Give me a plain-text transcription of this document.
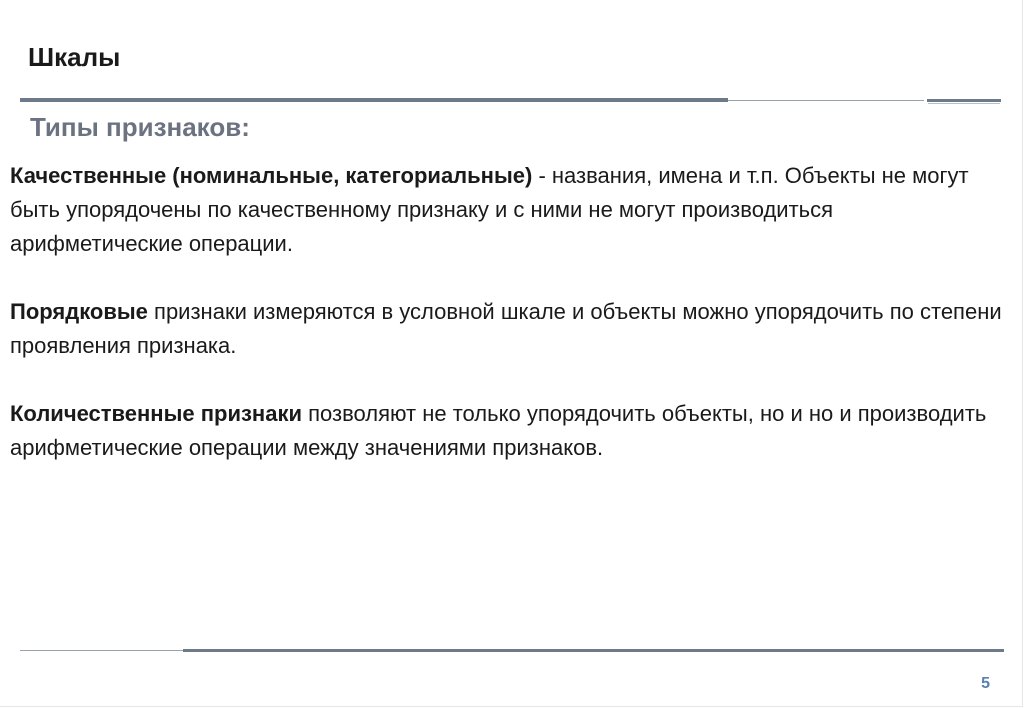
Шкалы
Типы признаков:

Качественные (номинальные, категориальные) - названия, имена и т.п. Объекты не могут быть упорядочены по качественному признаку и с ними не могут производиться арифметические операции.

Порядковые признаки измеряются в условной шкале и объекты можно упорядочить по степени проявления признака.

Количественные признаки позволяют не только упорядочить объекты, но и но и производить арифметические операции между значениями признаков.

5
